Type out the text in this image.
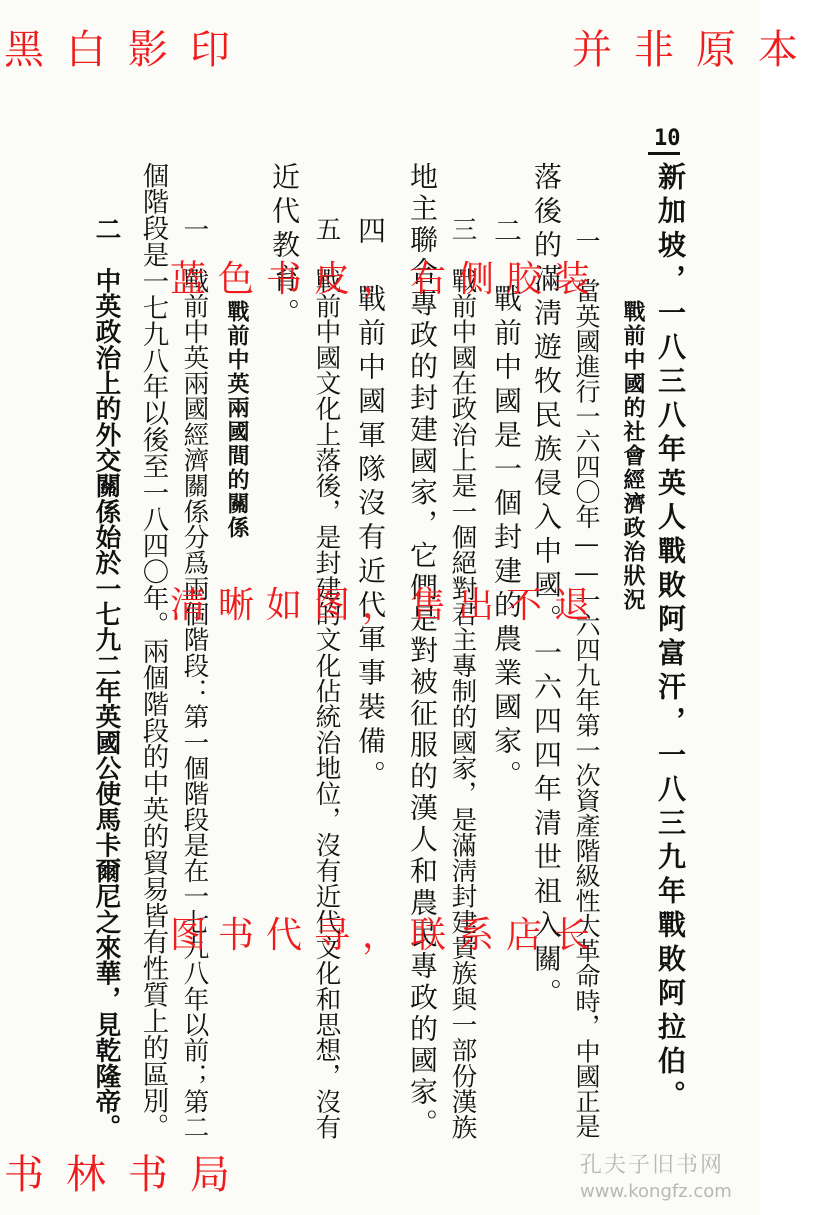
黑白影印	并非原本
10
新加坡，一八三八年英人戰敗阿富汗，一八三九年戰敗阿拉伯。
戰前中國的社會經濟政治狀況
一　當英國進行一六四〇年——一六四九年第一次資產階級性大革命時，中國正是
落後的滿淸遊牧民族侵入中國。一六四四年清世祖入關。
二　戰前中國是一個封建的農業國家。
三　戰前中國在政治上是一個絕對君主專制的國家，是滿淸封建貴族與一部份漢族
地主聯合專政的封建國家，它們是對被征服的漢人和農民專政的國家。
四　戰前中國軍隊沒有近代軍事裝備。
五　戰前中國文化上落後，是封建的文化佔統治地位，沒有近代文化和思想，沒有
近代教育。
戰前中英兩國間的關係
一　戰前中英兩國經濟關係分爲兩個階段：第一個階段是在一七九八年以前；第二
個階段是一七九八年以後至一八四〇年。兩個階段的中英的貿易皆有性質上的區別。
二　中英政治上的外交關係始於一七九二年英國公使馬卡爾尼之來華，見乾隆帝。 蓝色书皮，右侧胶装
清晰如图，售出不退
图书代寻，联系店长
书林书局	孔夫子旧书网
www.kongfz.com
